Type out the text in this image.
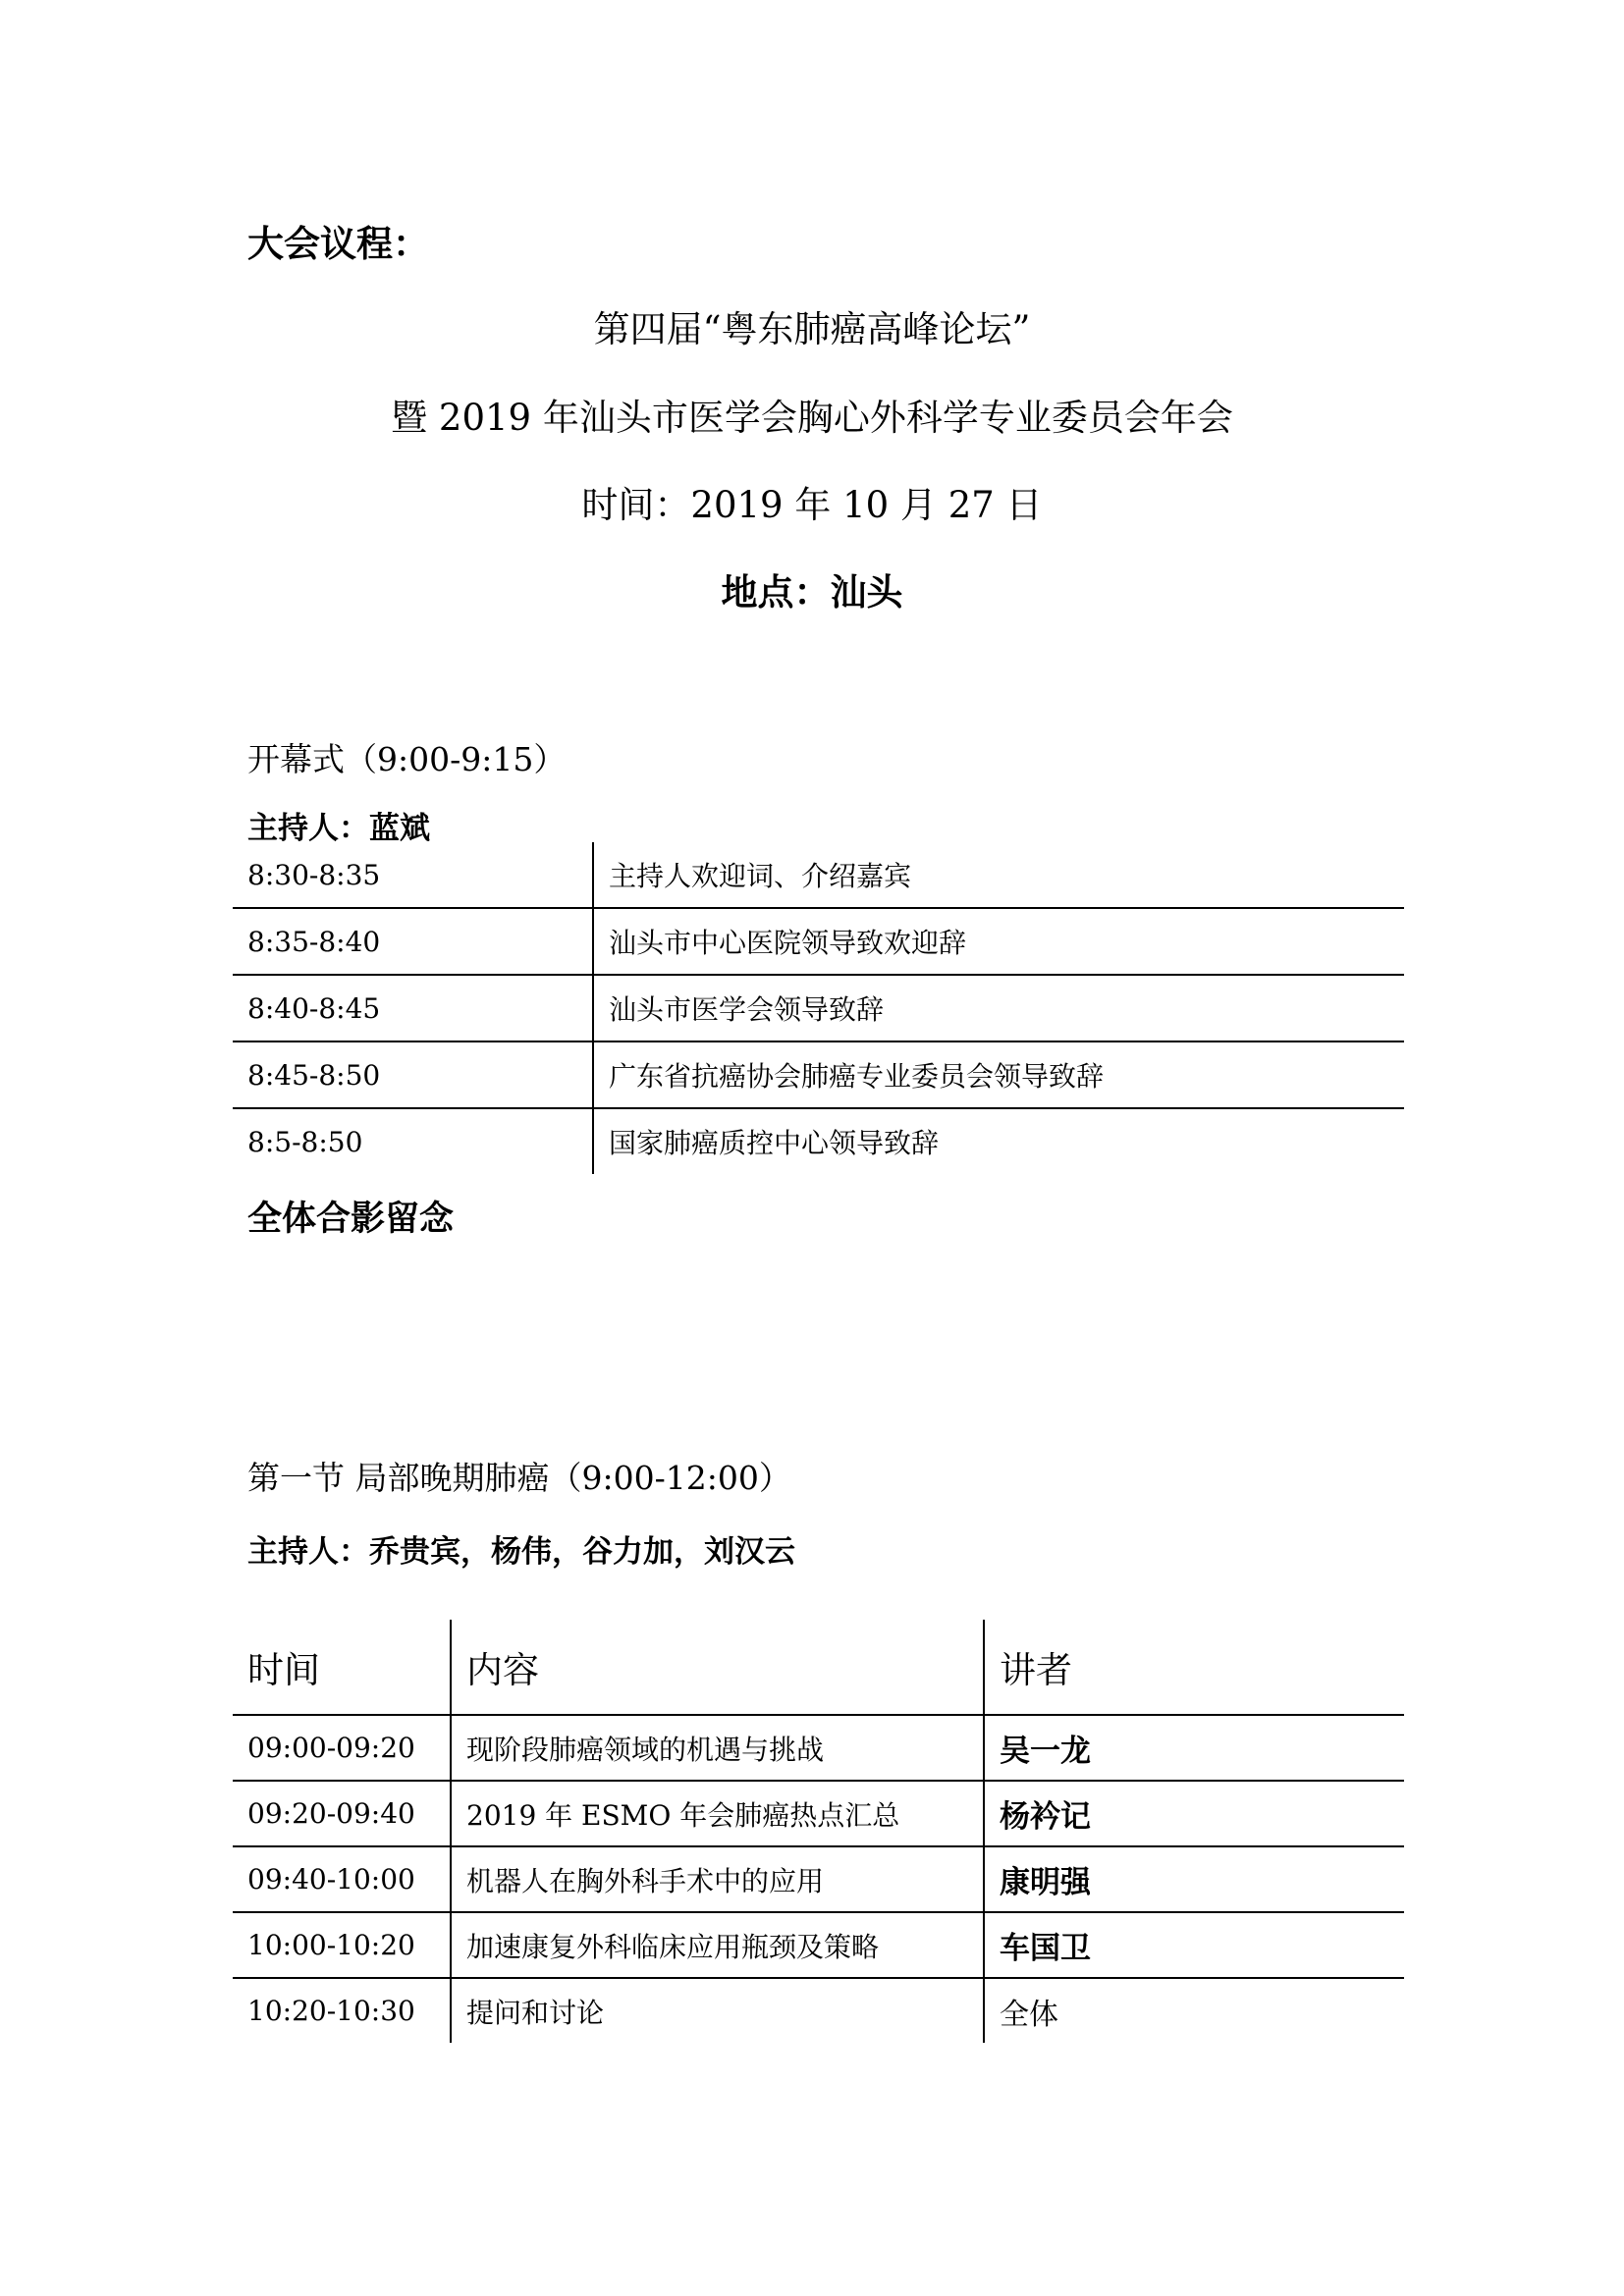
大会议程：
第四届“粤东肺癌高峰论坛”
暨 2019 年汕头市医学会胸心外科学专业委员会年会
时间：2019 年 10 月 27 日
地点：汕头
开幕式（9:00-9:15）
主持人：蓝斌
8:30-8:35	主持人欢迎词、介绍嘉宾
8:35-8:40	汕头市中心医院领导致欢迎辞
8:40-8:45	汕头市医学会领导致辞
8:45-8:50	广东省抗癌协会肺癌专业委员会领导致辞
8:5-8:50	国家肺癌质控中心领导致辞
全体合影留念
第一节 局部晚期肺癌（9:00-12:00）
主持人：乔贵宾，杨伟，谷力加，刘汉云
时间	内容	讲者
09:00-09:20	现阶段肺癌领域的机遇与挑战	吴一龙
09:20-09:40	2019 年 ESMO 年会肺癌热点汇总	杨衿记
09:40-10:00	机器人在胸外科手术中的应用	康明强
10:00-10:20	加速康复外科临床应用瓶颈及策略	车国卫
10:20-10:30	提问和讨论	全体
